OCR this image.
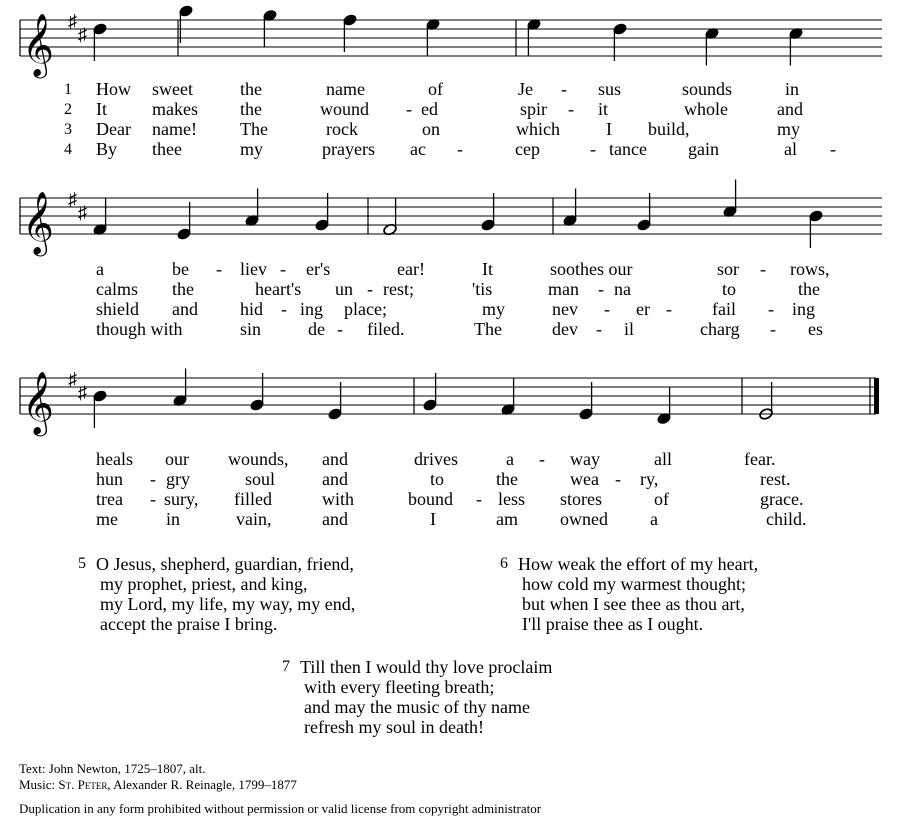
𝄞 ♯
♯
𝄞 ♯
♯
𝄞 ♯
♯
1 How sweet	the	name	of	Je - sus	sounds	in
2 It	makes the	wound - ed	spir - it	whole	and
3 Dear name! The	rock	on	which	I build,	my
4 By thee	my	prayers ac -	cep	- tance gain	al -
a	be - liev - er's	ear!	It	soothes our	sor - rows,
calms the	heart's un - rest;	'tis	man - na	to	the
shield and hid - ing place;	my	nev - er - fail - ing
though with	sin	de - filed.	The	dev - il	charg - es
heals our wounds, and	drives	a - way	all	fear.
hun - gry	soul	and	to	the	wea - ry,	rest.
trea - sury, filled	with	bound - less stores	of	grace.
me	in	vain,	and	I	am owned a	child.
5 O Jesus, shepherd, guardian, friend,
my prophet, priest, and king,
my Lord, my life, my way, my end,
accept the praise I bring.
6 How weak the effort of my heart,
how cold my warmest thought;
but when I see thee as thou art,
I'll praise thee as I ought.
7 Till then I would thy love proclaim
with every fleeting breath;
and may the music of thy name
refresh my soul in death!
Text: John Newton, 1725–1807, alt.
Music: St. Peter, Alexander R. Reinagle, 1799–1877
Duplication in any form prohibited without permission or valid license from copyright administrator
